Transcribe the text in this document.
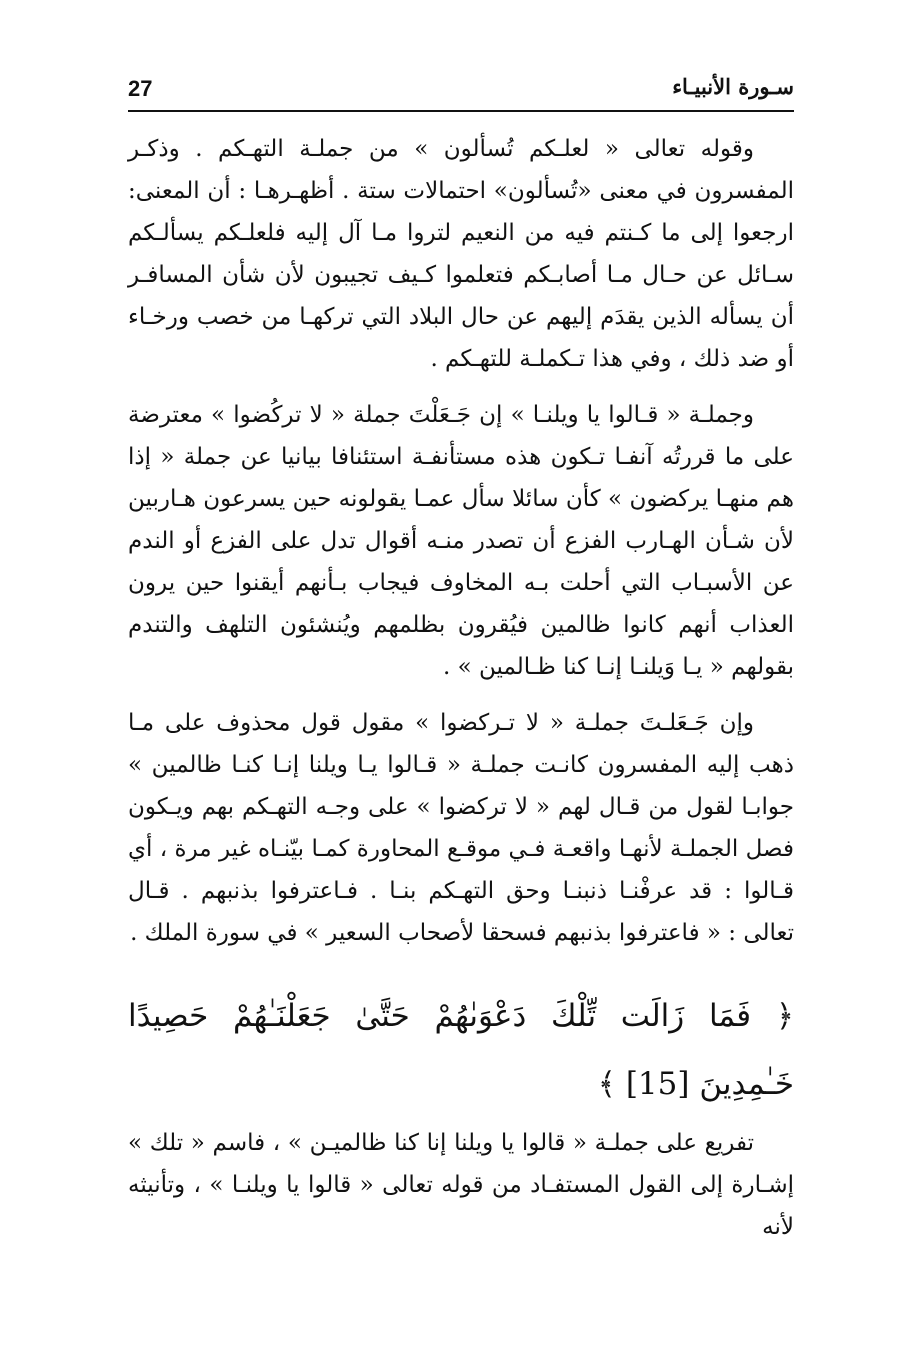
27	سـورة الأنبيـاء

وقوله تعالى « لعلـكم تُسألون » من جملـة التهـكم . وذكـر المفسرون في معنى «تُسألون» احتمالات ستة . أظهـرهـا : أن المعنى: ارجعوا إلى ما كـنتم فيه من النعيم لتروا مـا آل إليه فلعلـكم يسألـكم سـائل عن حـال مـا أصابـكم فتعلموا كـيف تجيبون لأن شأن المسافـر أن يسأله الذين يقدَم إليهم عن حال البلاد التي تركهـا من خصب ورخـاء أو ضد ذلك ، وفي هذا تـكملـة للتهـكم .

وجملـة « قـالوا يا ويلنـا » إن جَـعَلْتَ جملة « لا تركُضوا » معترضة على ما قررتُه آنفـا تـكون هذه مستأنفـة استئنافا بيانيا عن جملة « إذا هم منهـا يركضون » كأن سائلا سأل عمـا يقولونه حين يسرعون هـاربين لأن شـأن الهـارب الفزع أن تصدر منـه أقوال تدل على الفزع أو الندم عن الأسبـاب التي أحلت بـه المخاوف فيجاب بـأنهم أيقنوا حين يرون العذاب أنهم كانوا ظالمين فيُقرون بظلمهم ويُنشئون التلهف والتندم بقولهم « يـا وَيلنـا إنـا كنا ظـالمين » .

وإن جَـعَلـتَ جملـة « لا تـركضوا » مقول قول محذوف على مـا ذهب إليه المفسرون كانـت جملـة « قـالوا يـا ويلنا إنـا كنـا ظالمين » جوابـا لقول من قـال لهم « لا تركضوا » على وجـه التهـكم بهم ويـكون فصل الجملـة لأنهـا واقعـة فـي موقـع المحاورة كمـا بيّنـاه غير مرة ، أي قـالوا : قد عرفْنـا ذنبنـا وحق التهـكم بنـا . فـاعترفوا بذنبهم . قـال تعالى : « فاعترفوا بذنبهم فسحقا لأصحاب السعير » في سورة الملك .

﴿ فَمَا زَالَت تِّلْكَ دَعْوَىٰهُمْ حَتَّىٰ جَعَلْنَـٰهُمْ حَصِيدًا خَـٰمِدِينَ [15] ﴾

تفريع على جملـة « قالوا يا ويلنا إنا كنا ظالميـن » ، فاسم « تلك » إشـارة إلى القول المستفـاد من قوله تعالى « قالوا يا ويلنـا » ، وتأنيثه لأنه
